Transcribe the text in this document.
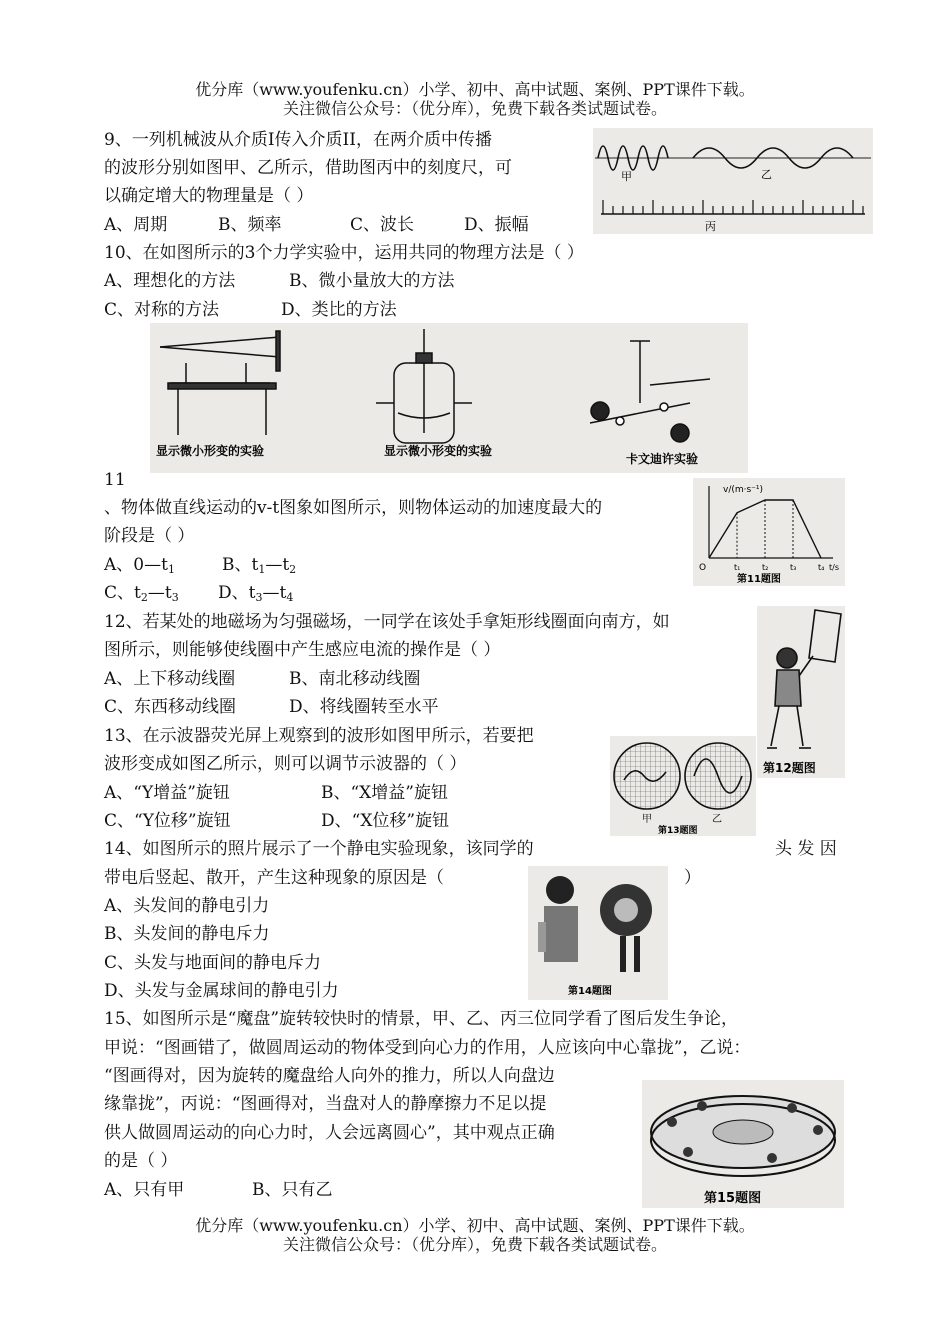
优分库（www.youfenku.cn）小学、初中、高中试题、案例、PPT课件下载。
关注微信公众号：（优分库），免费下载各类试题试卷。
9、一列机械波从介质I传入介质II，在两介质中传播
的波形分别如图甲、乙所示，借助图丙中的刻度尺，可
以确定增大的物理量是（ ）
A、周期	B、频率	C、波长	D、振幅
甲	乙
丙
10、在如图所示的3个力学实验中，运用共同的物理方法是（ ）
A、理想化的方法	B、微小量放大的方法
C、对称的方法	D、类比的方法
显示微小形变的实验	显示微小形变的实验
卡文迪许实验
11
、物体做直线运动的v-t图象如图所示，则物体运动的加速度最大的
阶段是（ ）
A、$0—t_1$	B、$t_1—t_2$
C、$t_2—t_3$ D、$t_3—t_4$
v/(m·s⁻¹)
t/s
O	t₁	t₂	t₃	t₄
第11题图
12、若某处的地磁场为匀强磁场，一同学在该处手拿矩形线圈面向南方，如
图所示，则能够使线圈中产生感应电流的操作是（ ）
A、上下移动线圈	B、南北移动线圈
C、东西移动线圈	D、将线圈转至水平
第12题图
13、在示波器荧光屏上观察到的波形如图甲所示，若要把
波形变成如图乙所示，则可以调节示波器的（ ）
A、“Y增益”旋钮	B、“X增益”旋钮
C、“Y位移”旋钮	D、“X位移”旋钮	甲	乙
第13题图
14、如图所示的照片展示了一个静电实验现象，该同学的	头 发 因
带电后竖起、散开，产生这种现象的原因是（	）
A、头发间的静电引力
B、头发间的静电斥力
C、头发与地面间的静电斥力
D、头发与金属球间的静电引力	第14题图
15、如图所示是“魔盘”旋转较快时的情景，甲、乙、丙三位同学看了图后发生争论，
甲说：“图画错了，做圆周运动的物体受到向心力的作用，人应该向中心靠拢”，乙说：
“图画得对，因为旋转的魔盘给人向外的推力，所以人向盘边
缘靠拢”，丙说：“图画得对，当盘对人的静摩擦力不足以提
供人做圆周运动的向心力时，人会远离圆心”，其中观点正确
的是（ ）
A、只有甲	B、只有乙	第15题图
优分库（www.youfenku.cn）小学、初中、高中试题、案例、PPT课件下载。
关注微信公众号：（优分库），免费下载各类试题试卷。
